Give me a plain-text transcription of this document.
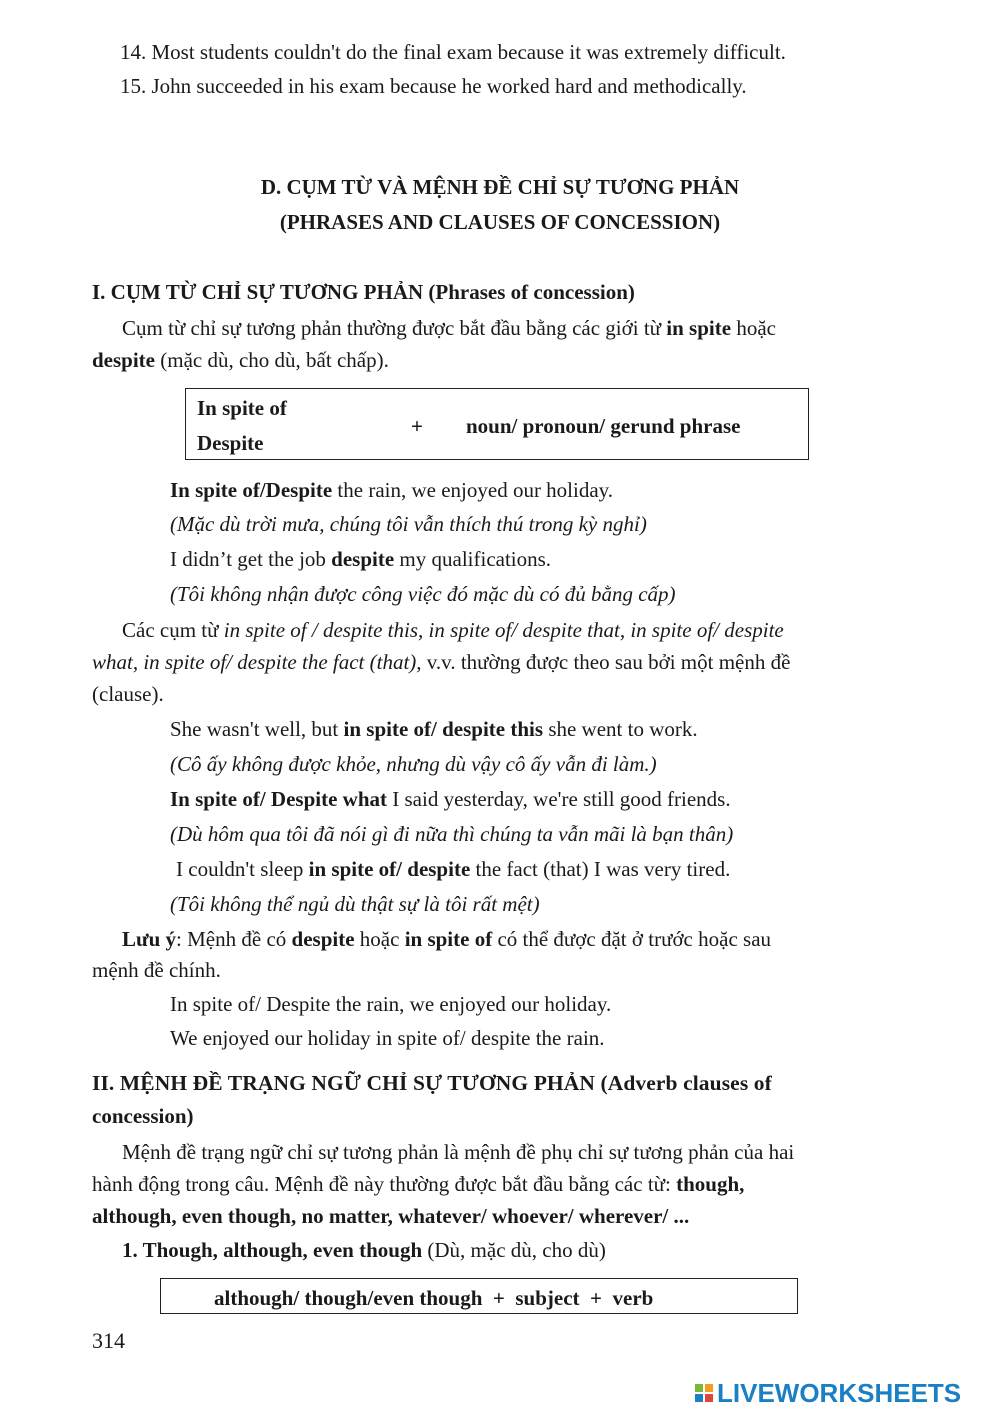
14. Most students couldn't do the final exam because it was extremely difficult.
15. John succeeded in his exam because he worked hard and methodically.
D. CỤM TỪ VÀ MỆNH ĐỀ CHỈ SỰ TƯƠNG PHẢN
(PHRASES AND CLAUSES OF CONCESSION)
I. CỤM TỪ CHỈ SỰ TƯƠNG PHẢN (Phrases of concession)
Cụm từ chỉ sự tương phản thường được bắt đầu bằng các giới từ in spite hoặc
despite (mặc dù, cho dù, bất chấp).
In spite of
Despite
+ noun/ pronoun/ gerund phrase
In spite of/Despite the rain, we enjoyed our holiday.
(Mặc dù trời mưa, chúng tôi vẫn thích thú trong kỳ nghỉ)
I didn’t get the job despite my qualifications.
(Tôi không nhận được công việc đó mặc dù có đủ bằng cấp)
Các cụm từ in spite of / despite this, in spite of/ despite that, in spite of/ despite
what, in spite of/ despite the fact (that), v.v. thường được theo sau bởi một mệnh đề
(clause).
She wasn't well, but in spite of/ despite this she went to work.
(Cô ấy không được khỏe, nhưng dù vậy cô ấy vẫn đi làm.)
In spite of/ Despite what I said yesterday, we're still good friends.
(Dù hôm qua tôi đã nói gì đi nữa thì chúng ta vẫn mãi là bạn thân)
I couldn't sleep in spite of/ despite the fact (that) I was very tired.
(Tôi không thể ngủ dù thật sự là tôi rất mệt)
Lưu ý: Mệnh đề có despite hoặc in spite of có thể được đặt ở trước hoặc sau
mệnh đề chính.
In spite of/ Despite the rain, we enjoyed our holiday.
We enjoyed our holiday in spite of/ despite the rain.
II. MỆNH ĐỀ TRẠNG NGỮ CHỈ SỰ TƯƠNG PHẢN (Adverb clauses of
concession)
Mệnh đề trạng ngữ chỉ sự tương phản là mệnh đề phụ chỉ sự tương phản của hai
hành động trong câu. Mệnh đề này thường được bắt đầu bằng các từ: though,
although, even though, no matter, whatever/ whoever/ wherever/ ...
1. Though, although, even though (Dù, mặc dù, cho dù)
although/ though/even though  +  subject  +  verb
314
LIVEWORKSHEETS
